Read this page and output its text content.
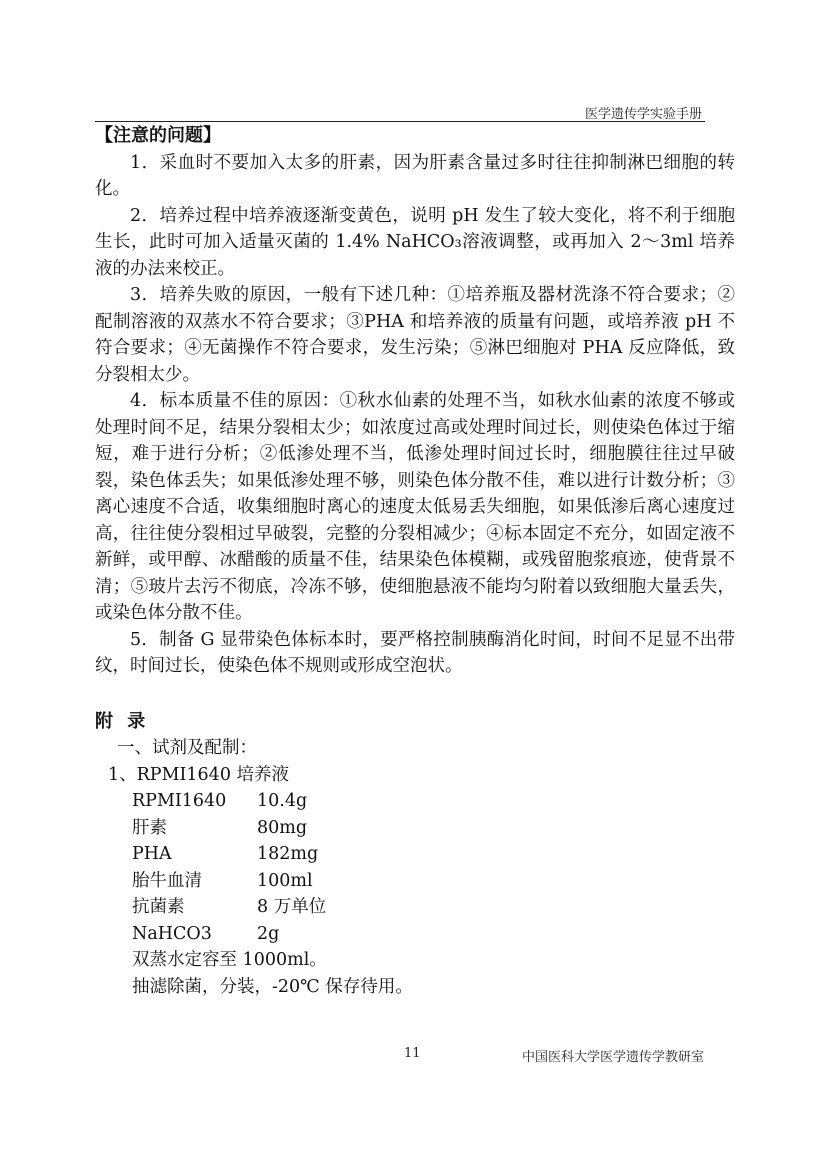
医学遗传学实验手册

【注意的问题】

1．采血时不要加入太多的肝素，因为肝素含量过多时往往抑制淋巴细胞的转化。

2．培养过程中培养液逐渐变黄色，说明 pH 发生了较大变化，将不利于细胞生长，此时可加入适量灭菌的 1.4% NaHCO₃溶液调整，或再加入 2～3ml 培养液的办法来校正。

3．培养失败的原因，一般有下述几种：①培养瓶及器材洗涤不符合要求；②配制溶液的双蒸水不符合要求；③PHA 和培养液的质量有问题，或培养液 pH 不符合要求；④无菌操作不符合要求，发生污染；⑤淋巴细胞对 PHA 反应降低，致分裂相太少。

4．标本质量不佳的原因：①秋水仙素的处理不当，如秋水仙素的浓度不够或处理时间不足，结果分裂相太少；如浓度过高或处理时间过长，则使染色体过于缩短，难于进行分析；②低渗处理不当，低渗处理时间过长时，细胞膜往往过早破裂，染色体丢失；如果低渗处理不够，则染色体分散不佳，难以进行计数分析；③离心速度不合适，收集细胞时离心的速度太低易丢失细胞，如果低渗后离心速度过高，往往使分裂相过早破裂，完整的分裂相减少；④标本固定不充分，如固定液不新鲜，或甲醇、冰醋酸的质量不佳，结果染色体模糊，或残留胞浆痕迹，使背景不清；⑤玻片去污不彻底，冷冻不够，使细胞悬液不能均匀附着以致细胞大量丢失，或染色体分散不佳。

5．制备 G 显带染色体标本时，要严格控制胰酶消化时间，时间不足显不出带纹，时间过长，使染色体不规则或形成空泡状。

附 录

一、试剂及配制：

1、RPMI1640 培养液

RPMI1640	10.4g
肝素	80mg
PHA	182mg
胎牛血清	100ml
抗菌素	8 万单位
NaHCO3	2g

双蒸水定容至 1000ml。

抽滤除菌，分装，-20℃ 保存待用。

11	中国医科大学医学遗传学教研室
